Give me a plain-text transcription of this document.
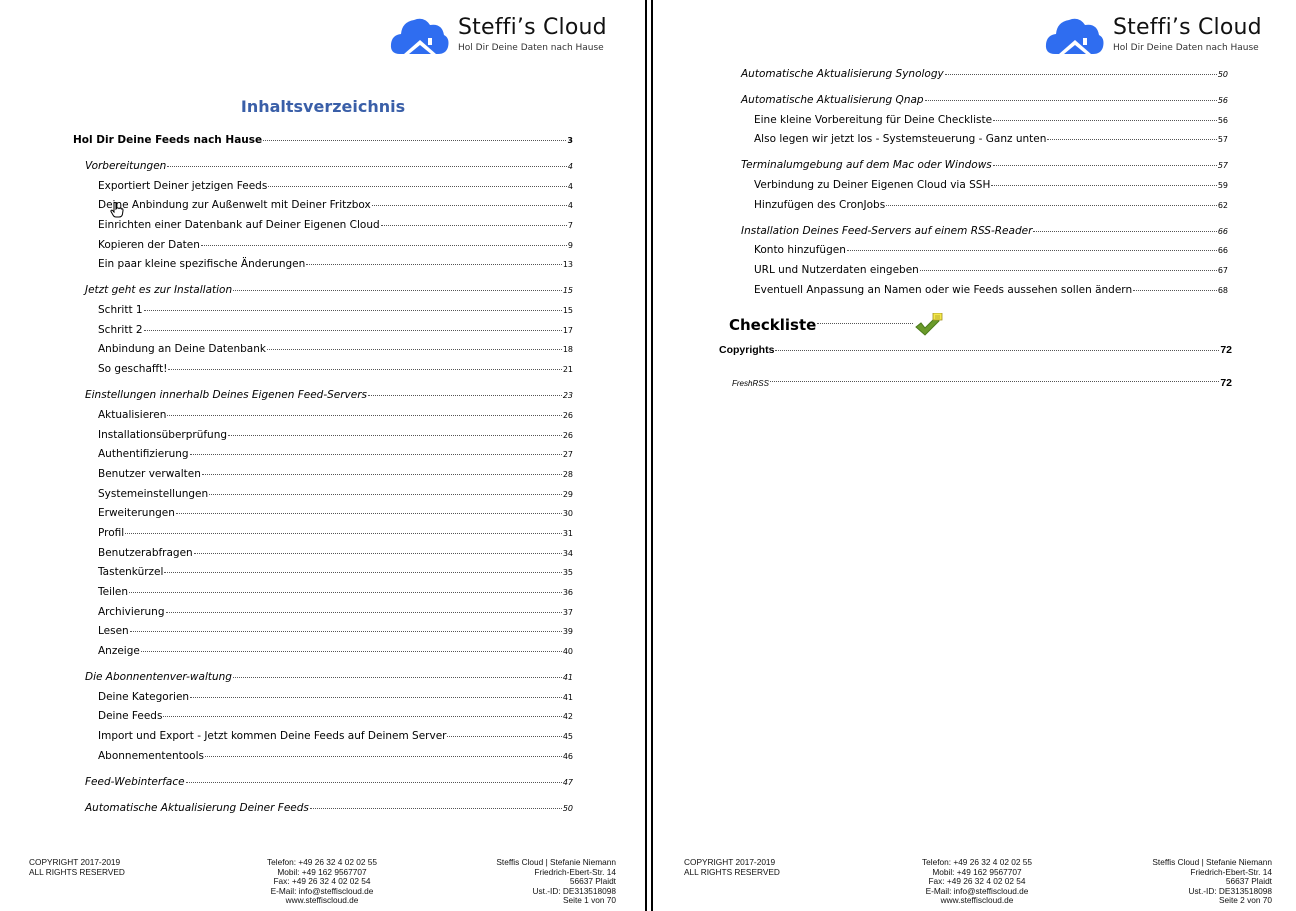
Steffi’s Cloud
Hol Dir Deine Daten nach Hause
Inhaltsverzeichnis
Hol Dir Deine Feeds nach Hause	3
Vorbereitungen	4
Exportiert Deiner jetzigen Feeds	4
Deine Anbindung zur Außenwelt mit Deiner Fritzbox	4
Einrichten einer Datenbank auf Deiner Eigenen Cloud	7
Kopieren der Daten	9
Ein paar kleine spezifische Änderungen	13
Jetzt geht es zur Installation	15
Schritt 1	15
Schritt 2	17
Anbindung an Deine Datenbank	18
So geschafft!	21
Einstellungen innerhalb Deines Eigenen Feed-Servers	23
Aktualisieren	26
Installationsüberprüfung	26
Authentifizierung	27
Benutzer verwalten	28
Systemeinstellungen	29
Erweiterungen	30
Profil	31
Benutzerabfragen	34
Tastenkürzel	35
Teilen	36
Archivierung	37
Lesen	39
Anzeige	40
Die Abonnentenver-waltung	41
Deine Kategorien	41
Deine Feeds	42
Import und Export - Jetzt kommen Deine Feeds auf Deinem Server	45
Abonnemententools	46
Feed-Webinterface	47
Automatische Aktualisierung Deiner Feeds	50
COPYRIGHT 2017-2019
ALL RIGHTS RESERVED
Telefon: +49 26 32 4 02 02 55
Mobil: +49 162 9567707
Fax: +49 26 32 4 02 02 54
E-Mail: info@steffiscloud.de
www.steffiscloud.de
Steffis Cloud | Stefanie Niemann
Friedrich-Ebert-Str. 14
56637 Plaidt
Ust.-ID: DE313518098
Seite 1 von 70
Steffi’s Cloud
Hol Dir Deine Daten nach Hause
Automatische Aktualisierung Synology	50
Automatische Aktualisierung Qnap	56
Eine kleine Vorbereitung für Deine Checkliste	56
Also legen wir jetzt los - Systemsteuerung - Ganz unten	57
Terminalumgebung auf dem Mac oder Windows	57
Verbindung zu Deiner Eigenen Cloud via SSH	59
Hinzufügen des CronJobs	62
Installation Deines Feed-Servers auf einem RSS-Reader	66
Konto hinzufügen	66
URL und Nutzerdaten eingeben	67
Eventuell Anpassung an Namen oder wie Feeds aussehen sollen ändern	68
Checkliste
Copyrights	72
FreshRSS	72
COPYRIGHT 2017-2019
ALL RIGHTS RESERVED
Telefon: +49 26 32 4 02 02 55
Mobil: +49 162 9567707
Fax: +49 26 32 4 02 02 54
E-Mail: info@steffiscloud.de
www.steffiscloud.de
Steffis Cloud | Stefanie Niemann
Friedrich-Ebert-Str. 14
56637 Plaidt
Ust.-ID: DE313518098
Seite 2 von 70
